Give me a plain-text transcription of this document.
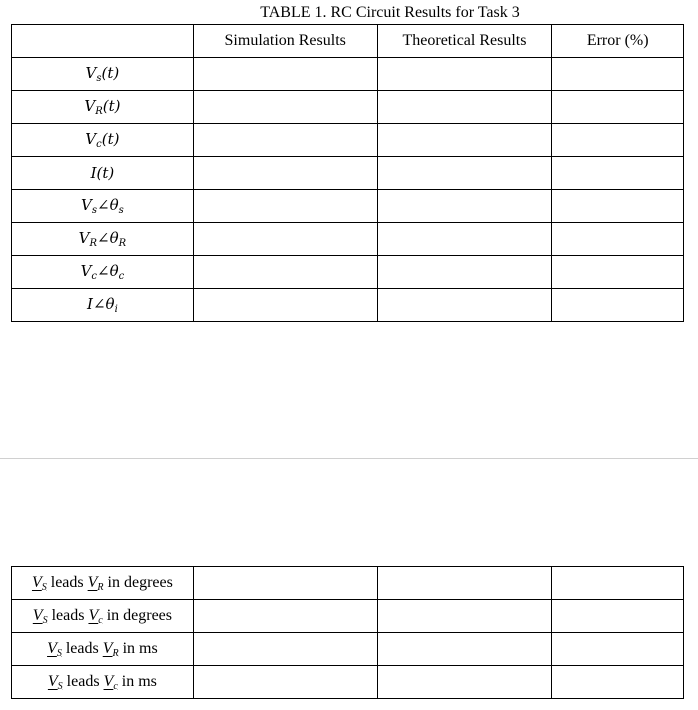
TABLE 1. RC Circuit Results for Task 3
	Simulation Results	Theoretical Results	Error (%)
$V_s(t)$			
$V_R(t)$			
$V_c(t)$			
I(t)			
$V_s\angle\theta_s$			
$V_R\angle\theta_R$			
$V_c\angle\theta_c$			
$I\angle\theta_i$			
$V_S$ leads $V_R$ in degrees			
$V_S$ leads $V_c$ in degrees			
$V_S$ leads $V_R$ in ms			
$V_S$ leads $V_c$ in ms			
